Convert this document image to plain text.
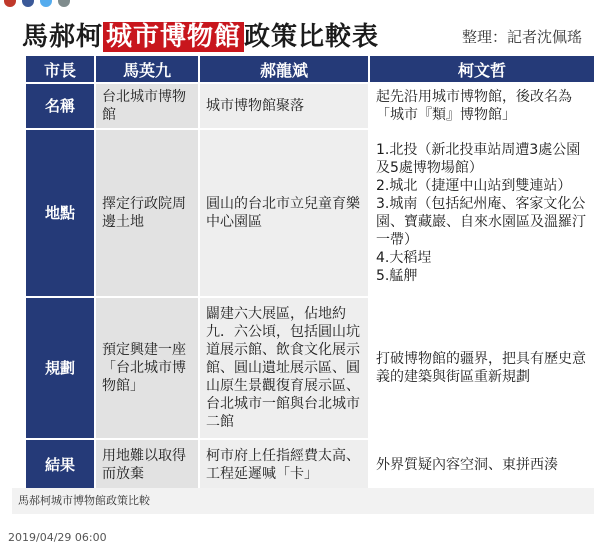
馬郝柯 城市博物館 政策比較表	整理：記者沈佩瑤
市長	馬英九	郝龍斌	柯文哲
名稱	台北城市博物館	城市博物館聚落	起先沿用城市博物館，後改名為「城市『類』博物館」
地點	擇定行政院周邊土地	圓山的台北市立兒童育樂中心園區	1.北投（新北投車站周遭3處公園及5處博物場館）
2.城北（捷運中山站到雙連站）
3.城南（包括紀州庵、客家文化公園、寶藏巖、自來水園區及溫羅汀一帶）
4.大稻埕
5.艋舺

規劃	預定興建一座「台北城市博物館」	闢建六大展區，佔地約九．六公頃，包括圓山坑道展示館、飲食文化展示館、圓山遺址展示區、圓山原生景觀復育展示區、台北城市一館與台北城市二館	打破博物館的疆界，把具有歷史意義的建築與街區重新規劃
結果	用地難以取得而放棄	柯市府上任指經費太高、工程延遲喊「卡」	外界質疑內容空洞、東拼西湊
馬郝柯城市博物館政策比較
2019/04/29 06:00
